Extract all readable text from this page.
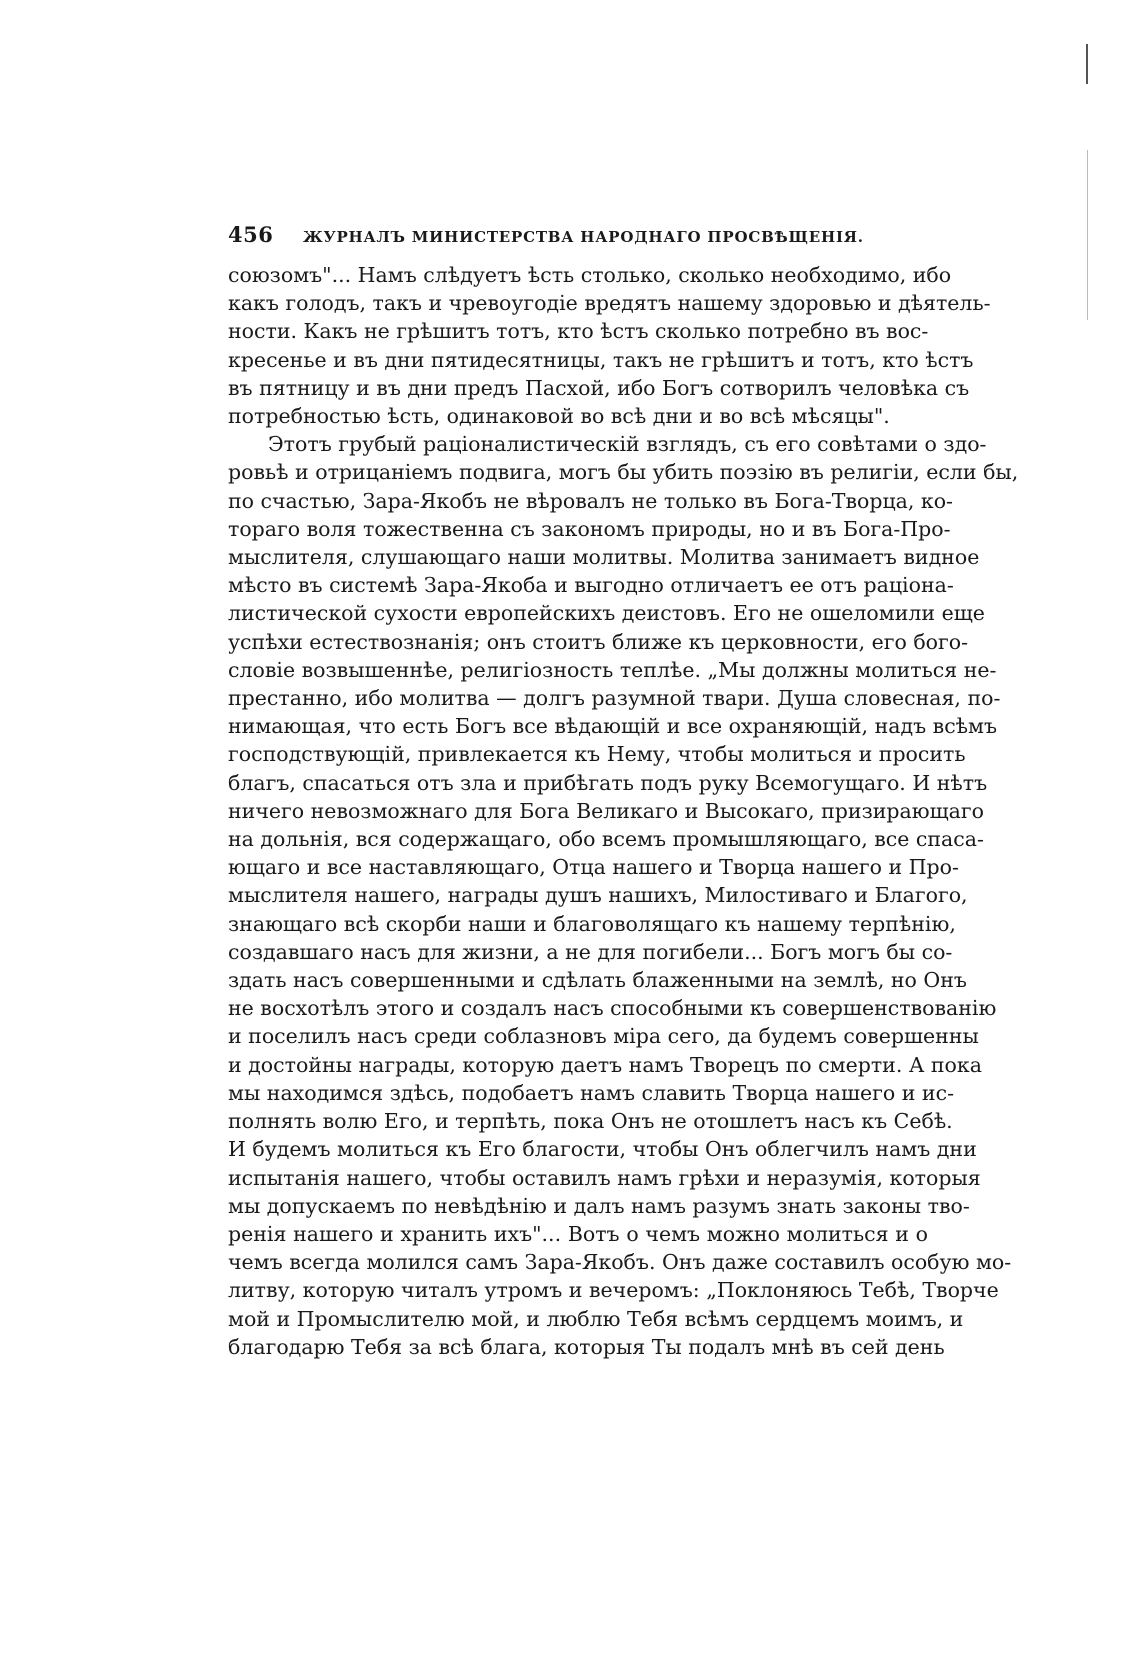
456	ЖУРНАЛЪ МИНИСТЕРСТВА НАРОДНАГО ПРОСВѢЩЕНІЯ.
союзомъ"... Намъ слѣдуетъ ѣсть столько, сколько необходимо, ибо
какъ голодъ, такъ и чревоугодіе вредятъ нашему здоровью и дѣятель-
ности. Какъ не грѣшитъ тотъ, кто ѣстъ сколько потребно въ вос-
кресенье и въ дни пятидесятницы, такъ не грѣшитъ и тотъ, кто ѣстъ
въ пятницу и въ дни предъ Пасхой, ибо Богъ сотворилъ человѣка съ
потребностью ѣсть, одинаковой во всѣ дни и во всѣ мѣсяцы".
Этотъ грубый раціоналистическій взглядъ, съ его совѣтами о здо-
ровьѣ и отрицаніемъ подвига, могъ бы убить поэзію въ религіи, если бы,
по счастью, Зара-Якобъ не вѣровалъ не только въ Бога-Творца, ко-
тораго воля тожественна съ закономъ природы, но и въ Бога-Про-
мыслителя, слушающаго наши молитвы. Молитва занимаетъ видное
мѣсто въ системѣ Зара-Якоба и выгодно отличаетъ ее отъ раціона-
листической сухости европейскихъ деистовъ. Его не ошеломили еще
успѣхи естествознанія; онъ стоитъ ближе къ церковности, его бого-
словіе возвышеннѣе, религіозность теплѣе. „Мы должны молиться не-
престанно, ибо молитва — долгъ разумной твари. Душа словесная, по-
нимающая, что есть Богъ все вѣдающій и все охраняющій, надъ всѣмъ
господствующій, привлекается къ Нему, чтобы молиться и просить
благъ, спасаться отъ зла и прибѣгать подъ руку Всемогущаго. И нѣтъ
ничего невозможнаго для Бога Великаго и Высокаго, призирающаго
на дольнія, вся содержащаго, обо всемъ промышляющаго, все спаса-
ющаго и все наставляющаго, Отца нашего и Творца нашего и Про-
мыслителя нашего, награды душъ нашихъ, Милостиваго и Благого,
знающаго всѣ скорби наши и благоволящаго къ нашему терпѣнію,
создавшаго насъ для жизни, а не для погибели... Богъ могъ бы со-
здать насъ совершенными и сдѣлать блаженными на землѣ, но Онъ
не восхотѣлъ этого и создалъ насъ способными къ совершенствованію
и поселилъ насъ среди соблазновъ міра сего, да будемъ совершенны
и достойны награды, которую даетъ намъ Творецъ по смерти. А пока
мы находимся здѣсь, подобаетъ намъ славить Творца нашего и ис-
полнять волю Его, и терпѣть, пока Онъ не отошлетъ насъ къ Себѣ.
И будемъ молиться къ Его благости, чтобы Онъ облегчилъ намъ дни
испытанія нашего, чтобы оставилъ намъ грѣхи и неразумія, которыя
мы допускаемъ по невѣдѣнію и далъ намъ разумъ знать законы тво-
ренія нашего и хранить ихъ"... Вотъ о чемъ можно молиться и о
чемъ всегда молился самъ Зара-Якобъ. Онъ даже составилъ особую мо-
литву, которую читалъ утромъ и вечеромъ: „Поклоняюсь Тебѣ, Творче
мой и Промыслителю мой, и люблю Тебя всѣмъ сердцемъ моимъ, и
благодарю Тебя за всѣ блага, которыя Ты подалъ мнѣ въ сей день
